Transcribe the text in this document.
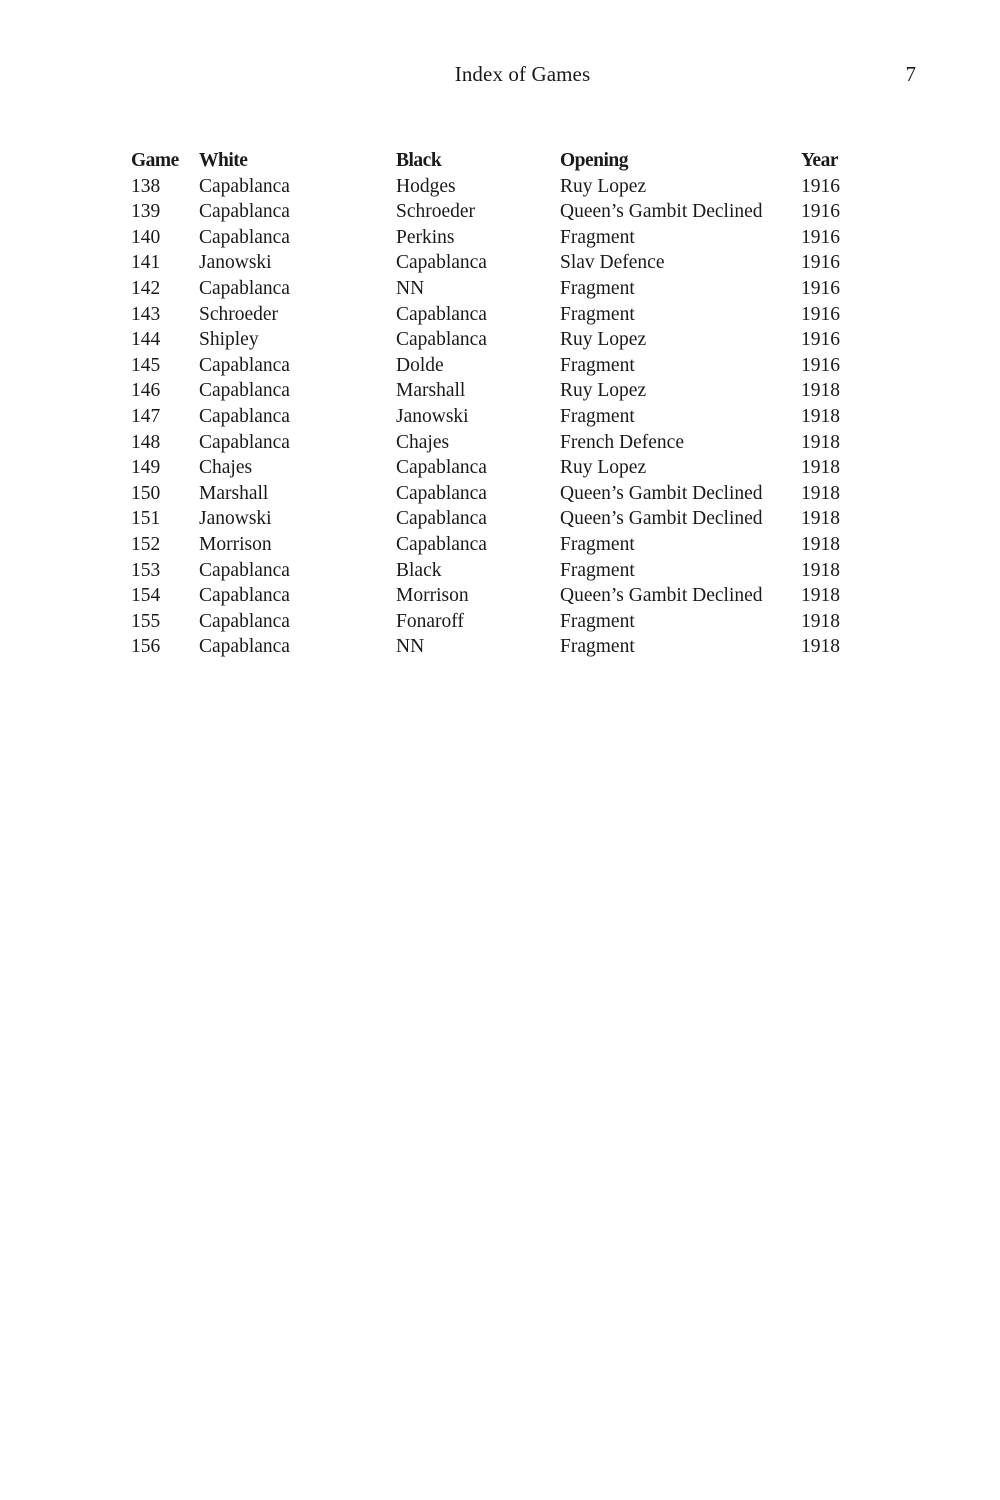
Index of Games	7
Game	White	Black	Opening	Year
138	Capablanca	Hodges	Ruy Lopez	1916
139	Capablanca	Schroeder	Queen’s Gambit Declined	1916
140	Capablanca	Perkins	Fragment	1916
141	Janowski	Capablanca	Slav Defence	1916
142	Capablanca	NN	Fragment	1916
143	Schroeder	Capablanca	Fragment	1916
144	Shipley	Capablanca	Ruy Lopez	1916
145	Capablanca	Dolde	Fragment	1916
146	Capablanca	Marshall	Ruy Lopez	1918
147	Capablanca	Janowski	Fragment	1918
148	Capablanca	Chajes	French Defence	1918
149	Chajes	Capablanca	Ruy Lopez	1918
150	Marshall	Capablanca	Queen’s Gambit Declined	1918
151	Janowski	Capablanca	Queen’s Gambit Declined	1918
152	Morrison	Capablanca	Fragment	1918
153	Capablanca	Black	Fragment	1918
154	Capablanca	Morrison	Queen’s Gambit Declined	1918
155	Capablanca	Fonaroff	Fragment	1918
156	Capablanca	NN	Fragment	1918
